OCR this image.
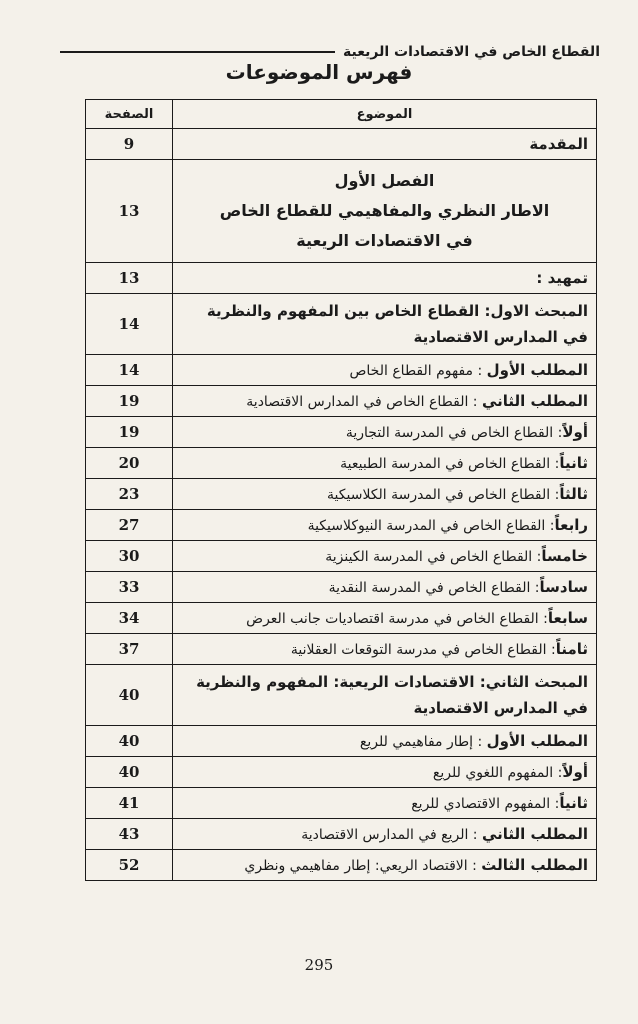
القطاع الخاص في الاقتصادات الريعية
فهرس الموضوعات
الموضوع	الصفحة
المقدمة	9

الفصل الأول
الاطار النظري والمفاهيمي للقطاع الخاص
في الاقتصادات الريعية	13
تمهيد :	13
المبحث الاول: القطاع الخاص بين المفهوم والنظرية في المدارس الاقتصادية	14
المطلب الأول : مفهوم القطاع الخاص	14
المطلب الثاني : القطاع الخاص في المدارس الاقتصادية	19
أولاً: القطاع الخاص في المدرسة التجارية	19
ثانياً: القطاع الخاص في المدرسة الطبيعية	20
ثالثاً: القطاع الخاص في المدرسة الكلاسيكية	23
رابعاً: القطاع الخاص في المدرسة النيوكلاسيكية	27
خامساً: القطاع الخاص في المدرسة الكينزية	30
سادساً: القطاع الخاص في المدرسة النقدية	33
سابعاً: القطاع الخاص في مدرسة اقتصاديات جانب العرض	34
ثامناً: القطاع الخاص في مدرسة التوقعات العقلانية	37
المبحث الثاني: الاقتصادات الريعية: المفهوم والنظرية في المدارس الاقتصادية	40
المطلب الأول : إطار مفاهيمي للريع	40
أولاً: المفهوم اللغوي للريع	40
ثانياً: المفهوم الاقتصادي للريع	41
المطلب الثاني : الريع في المدارس الاقتصادية	43
المطلب الثالث : الاقتصاد الريعي: إطار مفاهيمي ونظري	52
295
